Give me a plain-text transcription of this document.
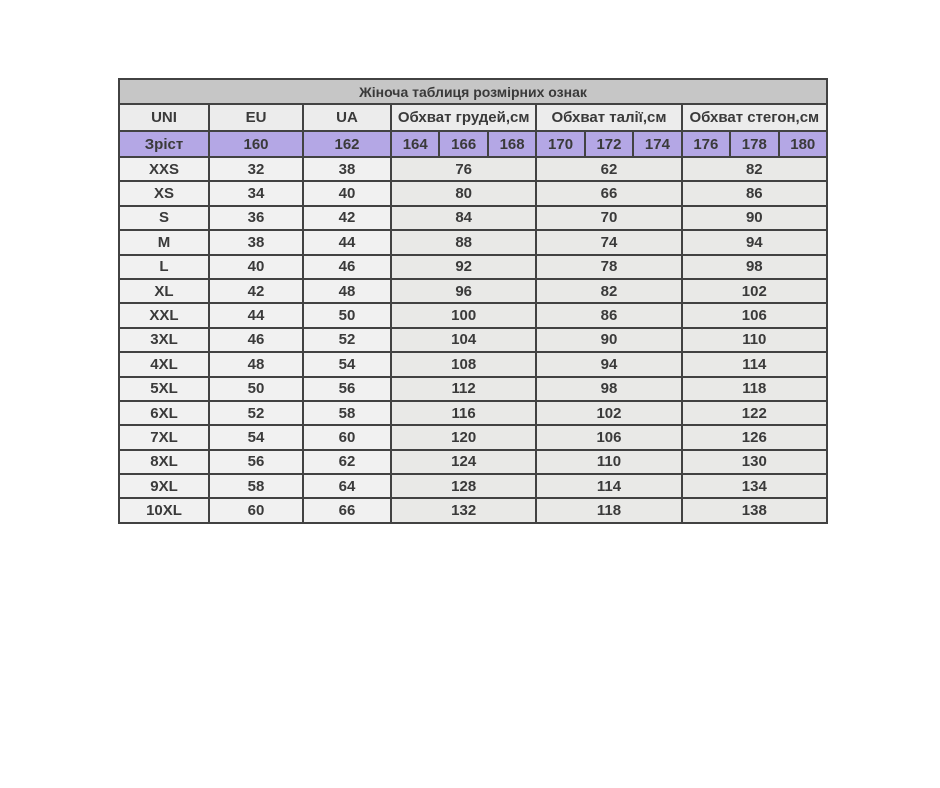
Жіноча таблиця розмірних ознак											
UNI	EU	UA	Обхват грудей,см			Обхват талії,см			Обхват стегон,см		
Зріст	160	162	164	166	168	170	172	174	176	178	180
XXS	32	38	76			62			82		
XS	34	40	80			66			86		
S	36	42	84			70			90		
M	38	44	88			74			94		
L	40	46	92			78			98		
XL	42	48	96			82			102		
XXL	44	50	100			86			106		
3XL	46	52	104			90			110		
4XL	48	54	108			94			114		
5XL	50	56	112			98			118		
6XL	52	58	116			102			122		
7XL	54	60	120			106			126		
8XL	56	62	124			110			130		
9XL	58	64	128			114			134		
10XL	60	66	132			118			138		
